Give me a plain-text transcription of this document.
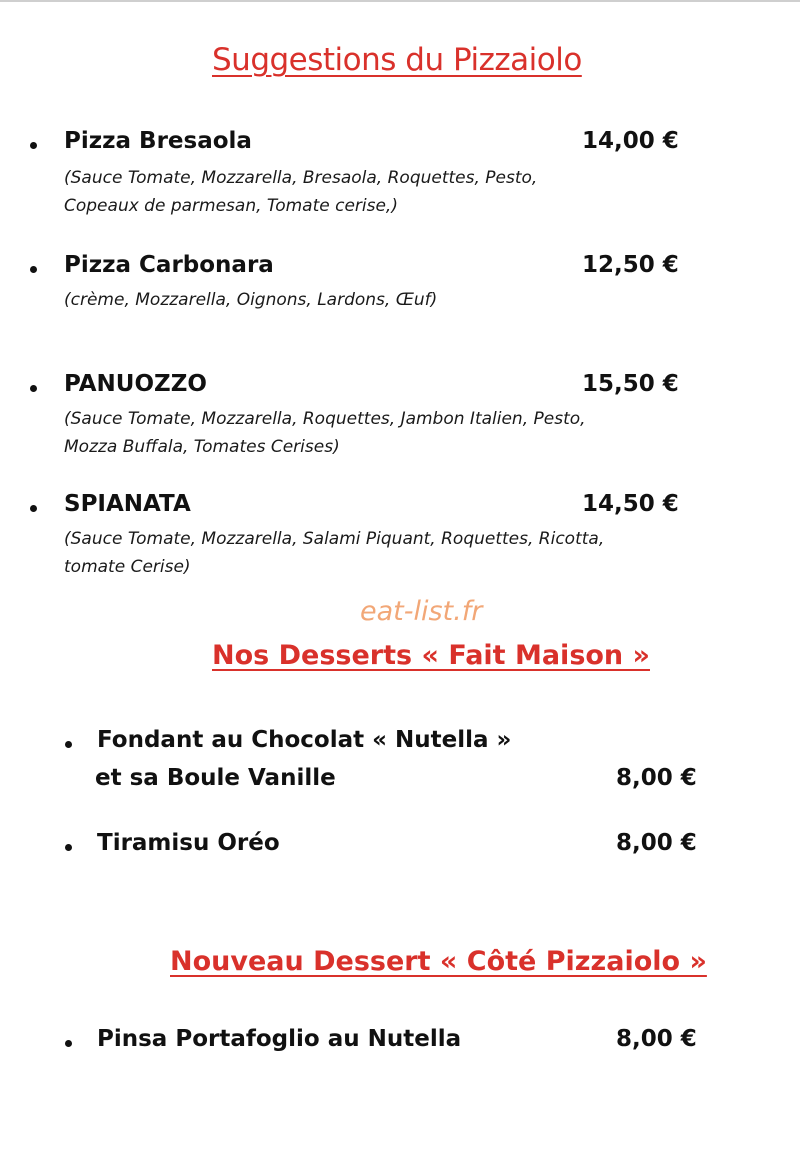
Suggestions du Pizzaiolo
Pizza Bresaola	14,00 €
(Sauce Tomate, Mozzarella, Bresaola, Roquettes, Pesto,
Copeaux de parmesan, Tomate cerise,)
Pizza Carbonara	12,50 €
(crème, Mozzarella, Oignons, Lardons, Œuf)
PANUOZZO	15,50 €
(Sauce Tomate, Mozzarella, Roquettes, Jambon Italien, Pesto,
Mozza Buffala, Tomates Cerises)
SPIANATA	14,50 €
(Sauce Tomate, Mozzarella, Salami Piquant, Roquettes, Ricotta,
tomate Cerise)
eat-list.fr
Nos Desserts « Fait Maison »
Fondant au Chocolat « Nutella »
et sa Boule Vanille	8,00 €
Tiramisu Oréo	8,00 €
Nouveau Dessert « Côté Pizzaiolo »
Pinsa Portafoglio au Nutella	8,00 €
